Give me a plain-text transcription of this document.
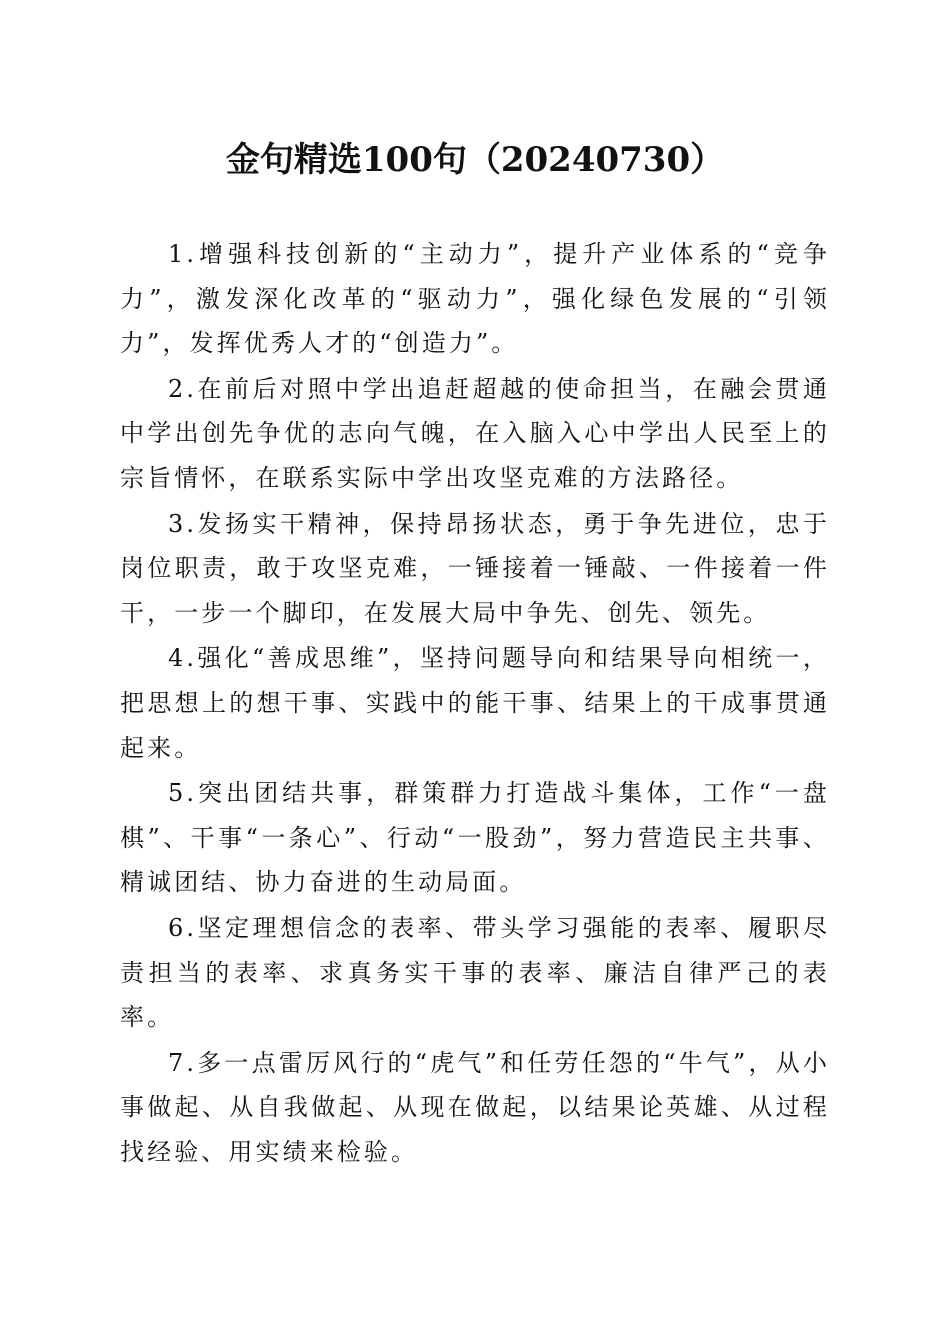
金句精选100句（20240730）

1.增强科技创新的“主动力”，提升产业体系的“竞争力”，激发深化改革的“驱动力”，强化绿色发展的“引领力”，发挥优秀人才的“创造力”。

2.在前后对照中学出追赶超越的使命担当，在融会贯通中学出创先争优的志向气魄，在入脑入心中学出人民至上的宗旨情怀，在联系实际中学出攻坚克难的方法路径。

3.发扬实干精神，保持昂扬状态，勇于争先进位，忠于岗位职责，敢于攻坚克难，一锤接着一锤敲、一件接着一件干，一步一个脚印，在发展大局中争先、创先、领先。

4.强化“善成思维”，坚持问题导向和结果导向相统一，把思想上的想干事、实践中的能干事、结果上的干成事贯通起来。

5.突出团结共事，群策群力打造战斗集体，工作“一盘棋”、干事“一条心”、行动“一股劲”，努力营造民主共事、精诚团结、协力奋进的生动局面。

6.坚定理想信念的表率、带头学习强能的表率、履职尽责担当的表率、求真务实干事的表率、廉洁自律严己的表率。

7.多一点雷厉风行的“虎气”和任劳任怨的“牛气”，从小事做起、从自我做起、从现在做起，以结果论英雄、从过程找经验、用实绩来检验。
